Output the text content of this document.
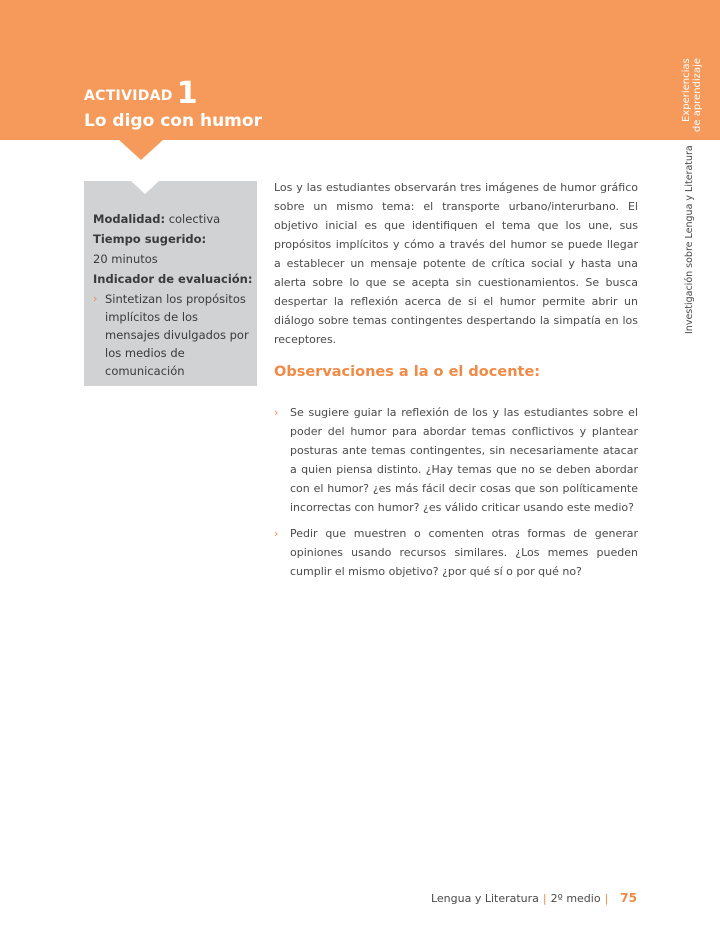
ACTIVIDAD 1
Lo digo con humor	Experiencias de aprendizaje
Investigación sobre Lengua y Literatura
Modalidad: colectiva
Tiempo sugerido:
20 minutos
Indicador de evaluación:
› Sintetizan los propósitos implícitos de los mensajes divulgados por los medios de comunicación
Los y las estudiantes observarán tres imágenes de humor gráfico sobre un mismo tema: el transporte urbano/interurbano. El objetivo inicial es que identifiquen el tema que los une, sus propósitos implícitos y cómo a través del humor se puede llegar a establecer un mensaje potente de crítica social y hasta una alerta sobre lo que se acepta sin cuestionamientos. Se busca despertar la reflexión acerca de si el humor permite abrir un diálogo sobre temas contingentes despertando la simpatía en los receptores.
Observaciones a la o el docente:
› Se sugiere guiar la reflexión de los y las estudiantes sobre el poder del humor para abordar temas conflictivos y plantear posturas ante temas contingentes, sin necesariamente atacar a quien piensa distinto. ¿Hay temas que no se deben abordar con el humor? ¿es más fácil decir cosas que son políticamente incorrectas con humor? ¿es válido criticar usando este medio?
› Pedir que muestren o comenten otras formas de generar opiniones usando recursos similares. ¿Los memes pueden cumplir el mismo objetivo? ¿por qué sí o por qué no?
Lengua y Literatura | 2º medio | 75
